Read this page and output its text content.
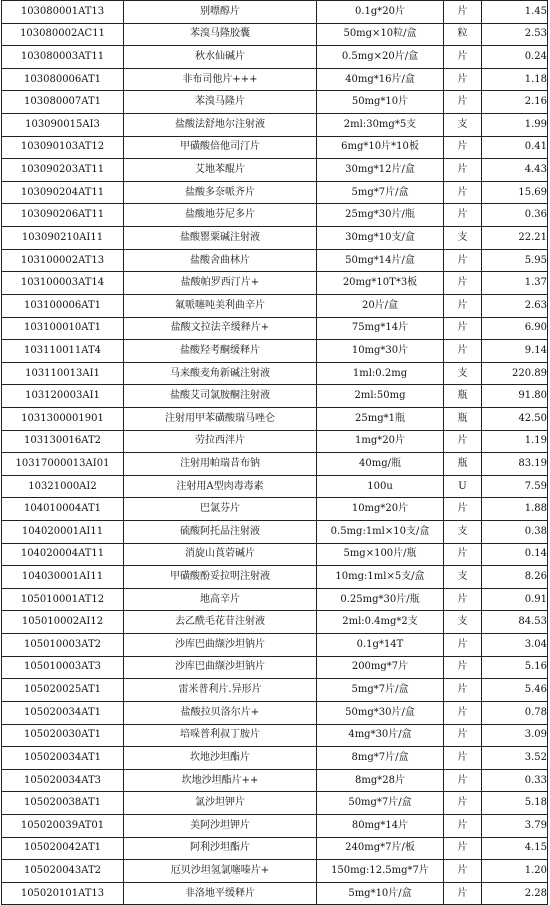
103080001AT13	别嘌醇片	0.1g*20片	片	1.45
103080002AC11	苯溴马隆胶囊	50mg×10粒/盒	粒	2.53
103080003AT11	秋水仙碱片	0.5mg×20片/盒	片	0.24
103080006AT1	非布司他片+++	40mg*16片/盒	片	1.18
103080007AT1	苯溴马隆片	50mg*10片	片	2.16
103090015AI3	盐酸法舒地尔注射液	2ml:30mg*5支	支	1.99
103090103AT12	甲磺酸倍他司汀片	6mg*10片*10板	片	0.41
103090203AT11	艾地苯醌片	30mg*12片/盒	片	4.43
103090204AT11	盐酸多奈哌齐片	5mg*7片/盒	片	15.69
103090206AT11	盐酸地芬尼多片	25mg*30片/瓶	片	0.36
103090210AI11	盐酸罂粟碱注射液	30mg*10支/盒	支	22.21
103100002AT13	盐酸舍曲林片	50mg*14片/盒	片	5.95
103100003AT14	盐酸帕罗西汀片+	20mg*10T*3板	片	1.37
103100006AT1	氟哌噻吨美利曲辛片	20片/盒	片	2.63
103100010AT1	盐酸文拉法辛缓释片+	75mg*14片	片	6.90
103110011AT4	盐酸羟考酮缓释片	10mg*30片	片	9.14
103110013AI1	马来酸麦角新碱注射液	1ml:0.2mg	支	220.89
103120003AI1	盐酸艾司氯胺酮注射液	2ml:50mg	瓶	91.80
1031300001901	注射用甲苯磺酸瑞马唑仑	25mg*1瓶	瓶	42.50
103130016AT2	劳拉西泮片	1mg*20片	片	1.19
10317000013AI01	注射用帕瑞昔布钠	40mg/瓶	瓶	83.19
10321000AI2	注射用A型肉毒毒素	100u	U	7.59
104010004AT1	巴氯芬片	10mg*20片	片	1.88
104020001AI11	硫酸阿托品注射液	0.5mg:1ml×10支/盒	支	0.38
104020004AT11	消旋山莨菪碱片	5mg×100片/瓶	片	0.14
104030001AI11	甲磺酸酚妥拉明注射液	10mg:1ml×5支/盒	支	8.26
105010001AT12	地高辛片	0.25mg*30片/瓶	片	0.91
105010002AI12	去乙酰毛花苷注射液	2ml:0.4mg*2支	支	84.53
105010003AT2	沙库巴曲缬沙坦钠片	0.1g*14T	片	3.04
105010003AT3	沙库巴曲缬沙坦钠片	200mg*7片	片	5.16
105020025AT1	雷米普利片.异形片	5mg*7片/盒	片	5.46
105020034AT1	盐酸拉贝洛尔片+	50mg*30片/盒	片	0.78
105020030AT1	培哚普利叔丁胺片	4mg*30片/盒	片	3.09
105020034AT1	坎地沙坦酯片	8mg*7片/盒	片	3.52
105020034AT3	坎地沙坦酯片++	8mg*28片	片	0.33
105020038AT1	氯沙坦钾片	50mg*7片/盒	片	5.18
105020039AT01	美阿沙坦钾片	80mg*14片	片	3.79
105020042AT1	阿利沙坦酯片	240mg*7片/板	片	4.15
105020043AT2	厄贝沙坦氢氯噻嗪片+	150mg:12.5mg*7片	片	1.20
105020101AT13	非洛地平缓释片	5mg*10片/盒	片	2.28
